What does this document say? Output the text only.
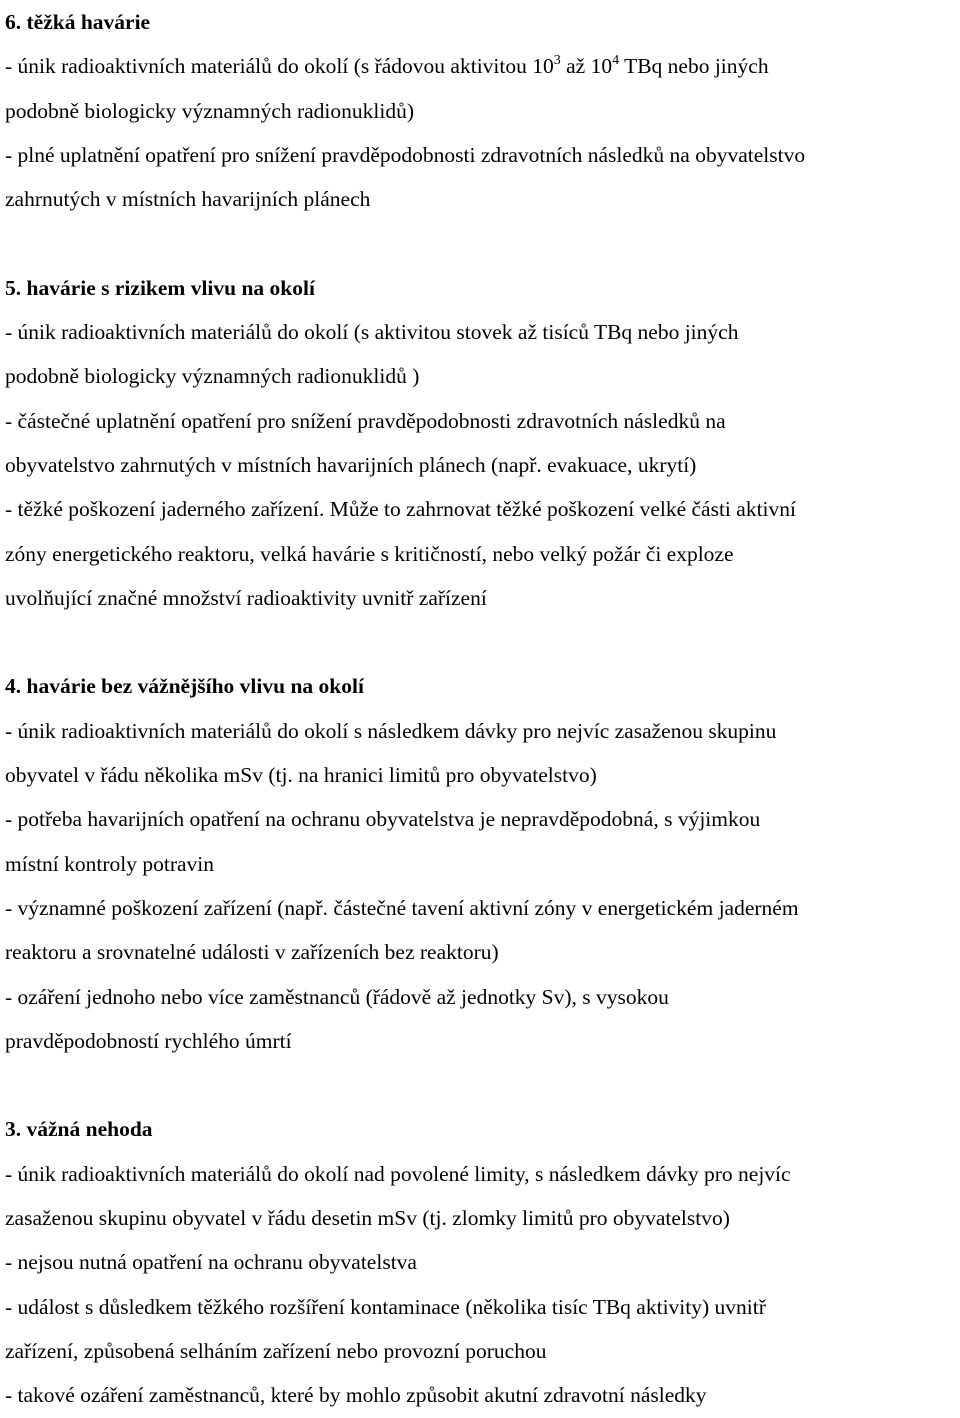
6. těžká havárie
- únik radioaktivních materiálů do okolí (s řádovou aktivitou $10^3$ až $10^4$ TBq nebo jiných
podobně biologicky významných radionuklidů)
- plné uplatnění opatření pro snížení pravděpodobnosti zdravotních následků na obyvatelstvo
zahrnutých v místních havarijních plánech
5. havárie s rizikem vlivu na okolí
- únik radioaktivních materiálů do okolí (s aktivitou stovek až tisíců TBq nebo jiných
podobně biologicky významných radionuklidů )
- částečné uplatnění opatření pro snížení pravděpodobnosti zdravotních následků na
obyvatelstvo zahrnutých v místních havarijních plánech (např. evakuace, ukrytí)
- těžké poškození jaderného zařízení. Může to zahrnovat těžké poškození velké části aktivní
zóny energetického reaktoru, velká havárie s kritičností, nebo velký požár či exploze
uvolňující značné množství radioaktivity uvnitř zařízení
4. havárie bez vážnějšího vlivu na okolí
- únik radioaktivních materiálů do okolí s následkem dávky pro nejvíc zasaženou skupinu
obyvatel v řádu několika mSv (tj. na hranici limitů pro obyvatelstvo)
- potřeba havarijních opatření na ochranu obyvatelstva je nepravděpodobná, s výjimkou
místní kontroly potravin
- významné poškození zařízení (např. částečné tavení aktivní zóny v energetickém jaderném
reaktoru a srovnatelné události v zařízeních bez reaktoru)
- ozáření jednoho nebo více zaměstnanců (řádově až jednotky Sv), s vysokou
pravděpodobností rychlého úmrtí
3. vážná nehoda
- únik radioaktivních materiálů do okolí nad povolené limity, s následkem dávky pro nejvíc
zasaženou skupinu obyvatel v řádu desetin mSv (tj. zlomky limitů pro obyvatelstvo)
- nejsou nutná opatření na ochranu obyvatelstva
- událost s důsledkem těžkého rozšíření kontaminace (několika tisíc TBq aktivity) uvnitř
zařízení, způsobená selháním zařízení nebo provozní poruchou
- takové ozáření zaměstnanců, které by mohlo způsobit akutní zdravotní následky
